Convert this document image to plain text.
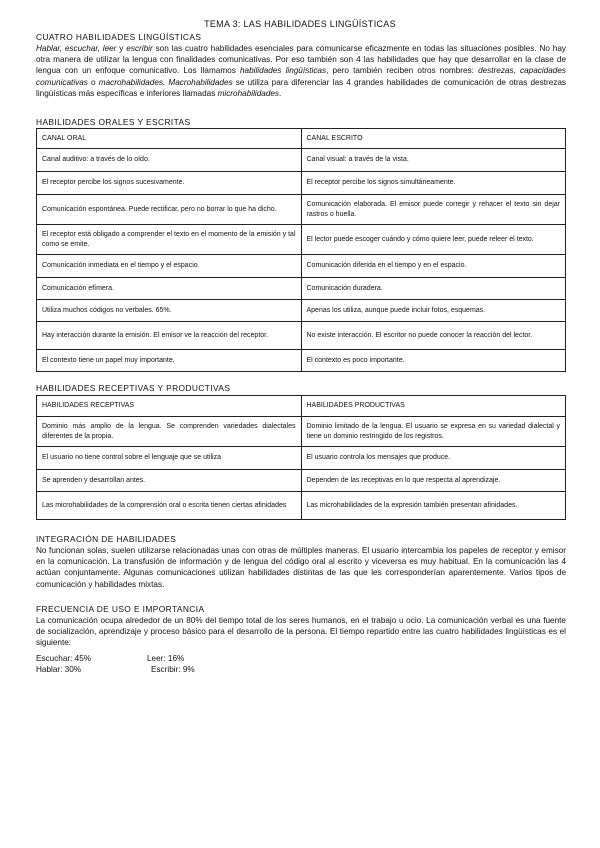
TEMA 3: LAS HABILIDADES LINGÜÍSTICAS
CUATRO HABILIDADES LINGÜÍSTICAS
Hablar, escuchar, leer y escribir son las cuatro habilidades esenciales para comunicarse eficazmente en todas las situaciones posibles. No hay otra manera de utilizar la lengua con finalidades comunicativas. Por eso también son 4 las habilidades que hay que desarrollar en la clase de lengua con un enfoque comunicativo. Los llamamos habilidades lingüísticas, pero también reciben otros nombres: destrezas, capacidades comunicativas o macrohabilidades. Macrohabilidades se utiliza para diferenciar las 4 grandes habilidades de comunicación de otras destrezas lingüísticas más específicas e inferiores llamadas microhabilidades.
HABILIDADES ORALES Y ESCRITAS
CANAL ORAL	CANAL ESCRITO
Canal auditivo: a través de lo oído.	Canal visual: a través de la vista.
El receptor percibe los signos sucesivamente.	El receptor percibe los signos simultáneamente.
Comunicación espontánea. Puede rectificar, pero no borrar lo que ha dicho.	Comunicación elaborada. El emisor puede corregir y rehacer el texto sin dejar rastros o huella.
El receptor está obligado a comprender el texto en el momento de la emisión y tal como se emite.	El lector puede escoger cuándo y cómo quiere leer, puede releer el texto.
Comunicación inmediata en el tiempo y el espacio.	Comunicación diferida en el tiempo y en el espacio.
Comunicación efímera.	Comunicación duradera.
Utiliza muchos códigos no verbales. 65%.	Apenas los utiliza, aunque puede incluir fotos, esquemas.
Hay interacción durante la emisión. El emisor ve la reacción del receptor.	No existe interacción. El escritor no puede conocer la reacción del lector.
El contexto tiene un papel muy importante.	El contexto es poco importante.
HABILIDADES RECEPTIVAS Y PRODUCTIVAS
HABILIDADES RECEPTIVAS	HABILIDADES PRODUCTIVAS
Dominio más amplio de la lengua. Se comprenden variedades dialectales diferentes de la propia.	Dominio limitado de la lengua. El usuario se expresa en su variedad dialectal y tiene un dominio restringido de los registros.
El usuario no tiene control sobre el lenguaje que se utiliza	El usuario controla los mensajes que produce.
Se aprenden y desarrollan antes.	Dependen de las receptivas en lo que respecta al aprendizaje.
Las microhabilidades de la comprensión oral o escrita tienen ciertas afinidades	Las microhabilidades de la expresión también presentan afinidades.
INTEGRACIÓN DE HABILIDADES
No funcionan solas, suelen utilizarse relacionadas unas con otras de múltiples maneras. El usuario intercambia los papeles de receptor y emisor en la comunicación. La transfusión de información y de lengua del código oral al escrito y viceversa es muy habitual. En la comunicación las 4 actúan conjuntamente. Algunas comunicaciones utilizan habilidades distintas de las que les corresponderían aparentemente. Varios tipos de comunicación y habilidades mixtas.
FRECUENCIA DE USO E IMPORTANCIA
La comunicación ocupa alrededor de un 80% del tiempo total de los seres humanos, en el trabajo u ocio. La comunicación verbal es una fuente de socialización, aprendizaje y proceso básico para el desarrollo de la persona. El tiempo repartido entre las cuatro habilidades lingüísticas es el siguiente:
Escuchar: 45%	Leer: 16%
Hablar: 30%	Escribir: 9%
